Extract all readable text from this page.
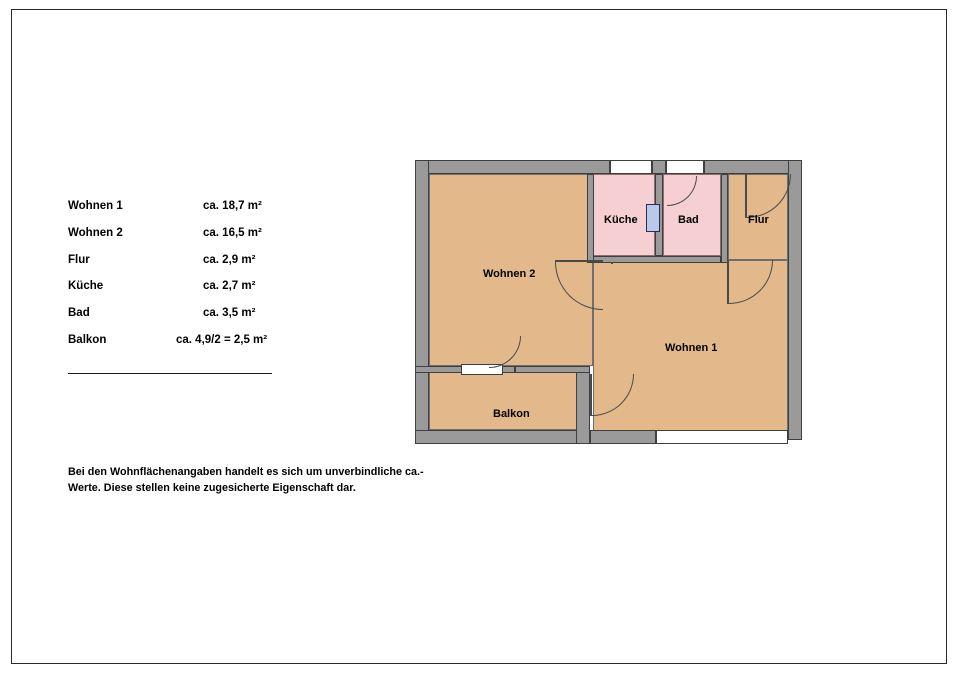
Wohnen 1	ca. 18,7 m²
Wohnen 2	ca. 16,5 m²
Flur	ca. 2,9 m²
Küche	ca. 2,7 m²
Bad	ca. 3,5 m²
Balkon	ca. 4,9/2 = 2,5 m²
Bei den Wohnflächenangaben handelt es sich um unverbindliche ca.-Werte. Diese stellen keine zugesicherte Eigenschaft dar.
Wohnen 2
Wohnen 1
Küche	Bad	Flur
Balkon
